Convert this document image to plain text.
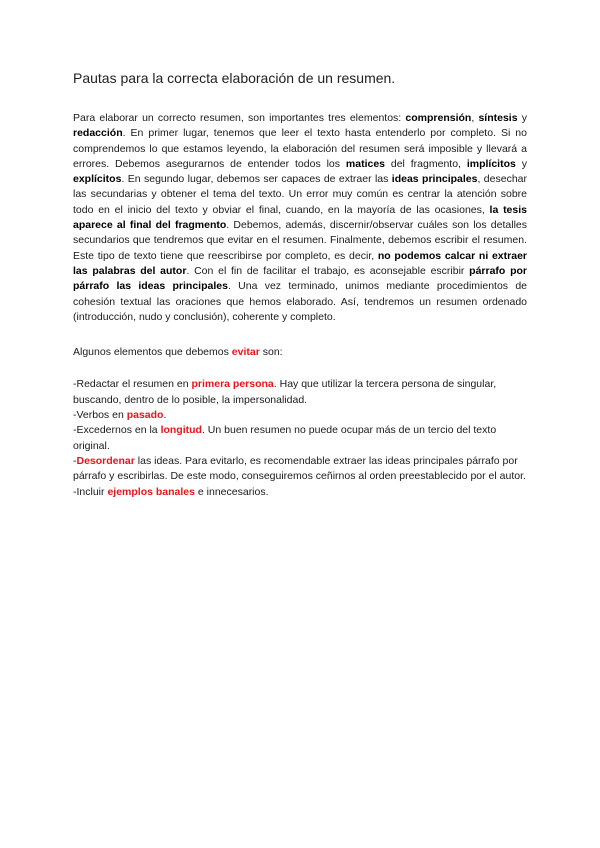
Pautas para la correcta elaboración de un resumen.

Para elaborar un correcto resumen, son importantes tres elementos: comprensión, síntesis y redacción. En primer lugar, tenemos que leer el texto hasta entenderlo por completo. Si no comprendemos lo que estamos leyendo, la elaboración del resumen será imposible y llevará a errores. Debemos asegurarnos de entender todos los matices del fragmento, implícitos y explícitos. En segundo lugar, debemos ser capaces de extraer las ideas principales, desechar las secundarias y obtener el tema del texto. Un error muy común es centrar la atención sobre todo en el inicio del texto y obviar el final, cuando, en la mayoría de las ocasiones, la tesis aparece al final del fragmento. Debemos, además, discernir/observar cuáles son los detalles secundarios que tendremos que evitar en el resumen. Finalmente, debemos escribir el resumen. Este tipo de texto tiene que reescribirse por completo, es decir, no podemos calcar ni extraer las palabras del autor. Con el fin de facilitar el trabajo, es aconsejable escribir párrafo por párrafo las ideas principales. Una vez terminado, unimos mediante procedimientos de cohesión textual las oraciones que hemos elaborado. Así, tendremos un resumen ordenado (introducción, nudo y conclusión), coherente y completo.

Algunos elementos que debemos evitar son:

-Redactar el resumen en primera persona. Hay que utilizar la tercera persona de singular, buscando, dentro de lo posible, la impersonalidad.
-Verbos en pasado.
-Excedernos en la longitud. Un buen resumen no puede ocupar más de un tercio del texto original.
-Desordenar las ideas. Para evitarlo, es recomendable extraer las ideas principales párrafo por párrafo y escribirlas. De este modo, conseguiremos ceñirnos al orden preestablecido por el autor.
-Incluir ejemplos banales e innecesarios.
